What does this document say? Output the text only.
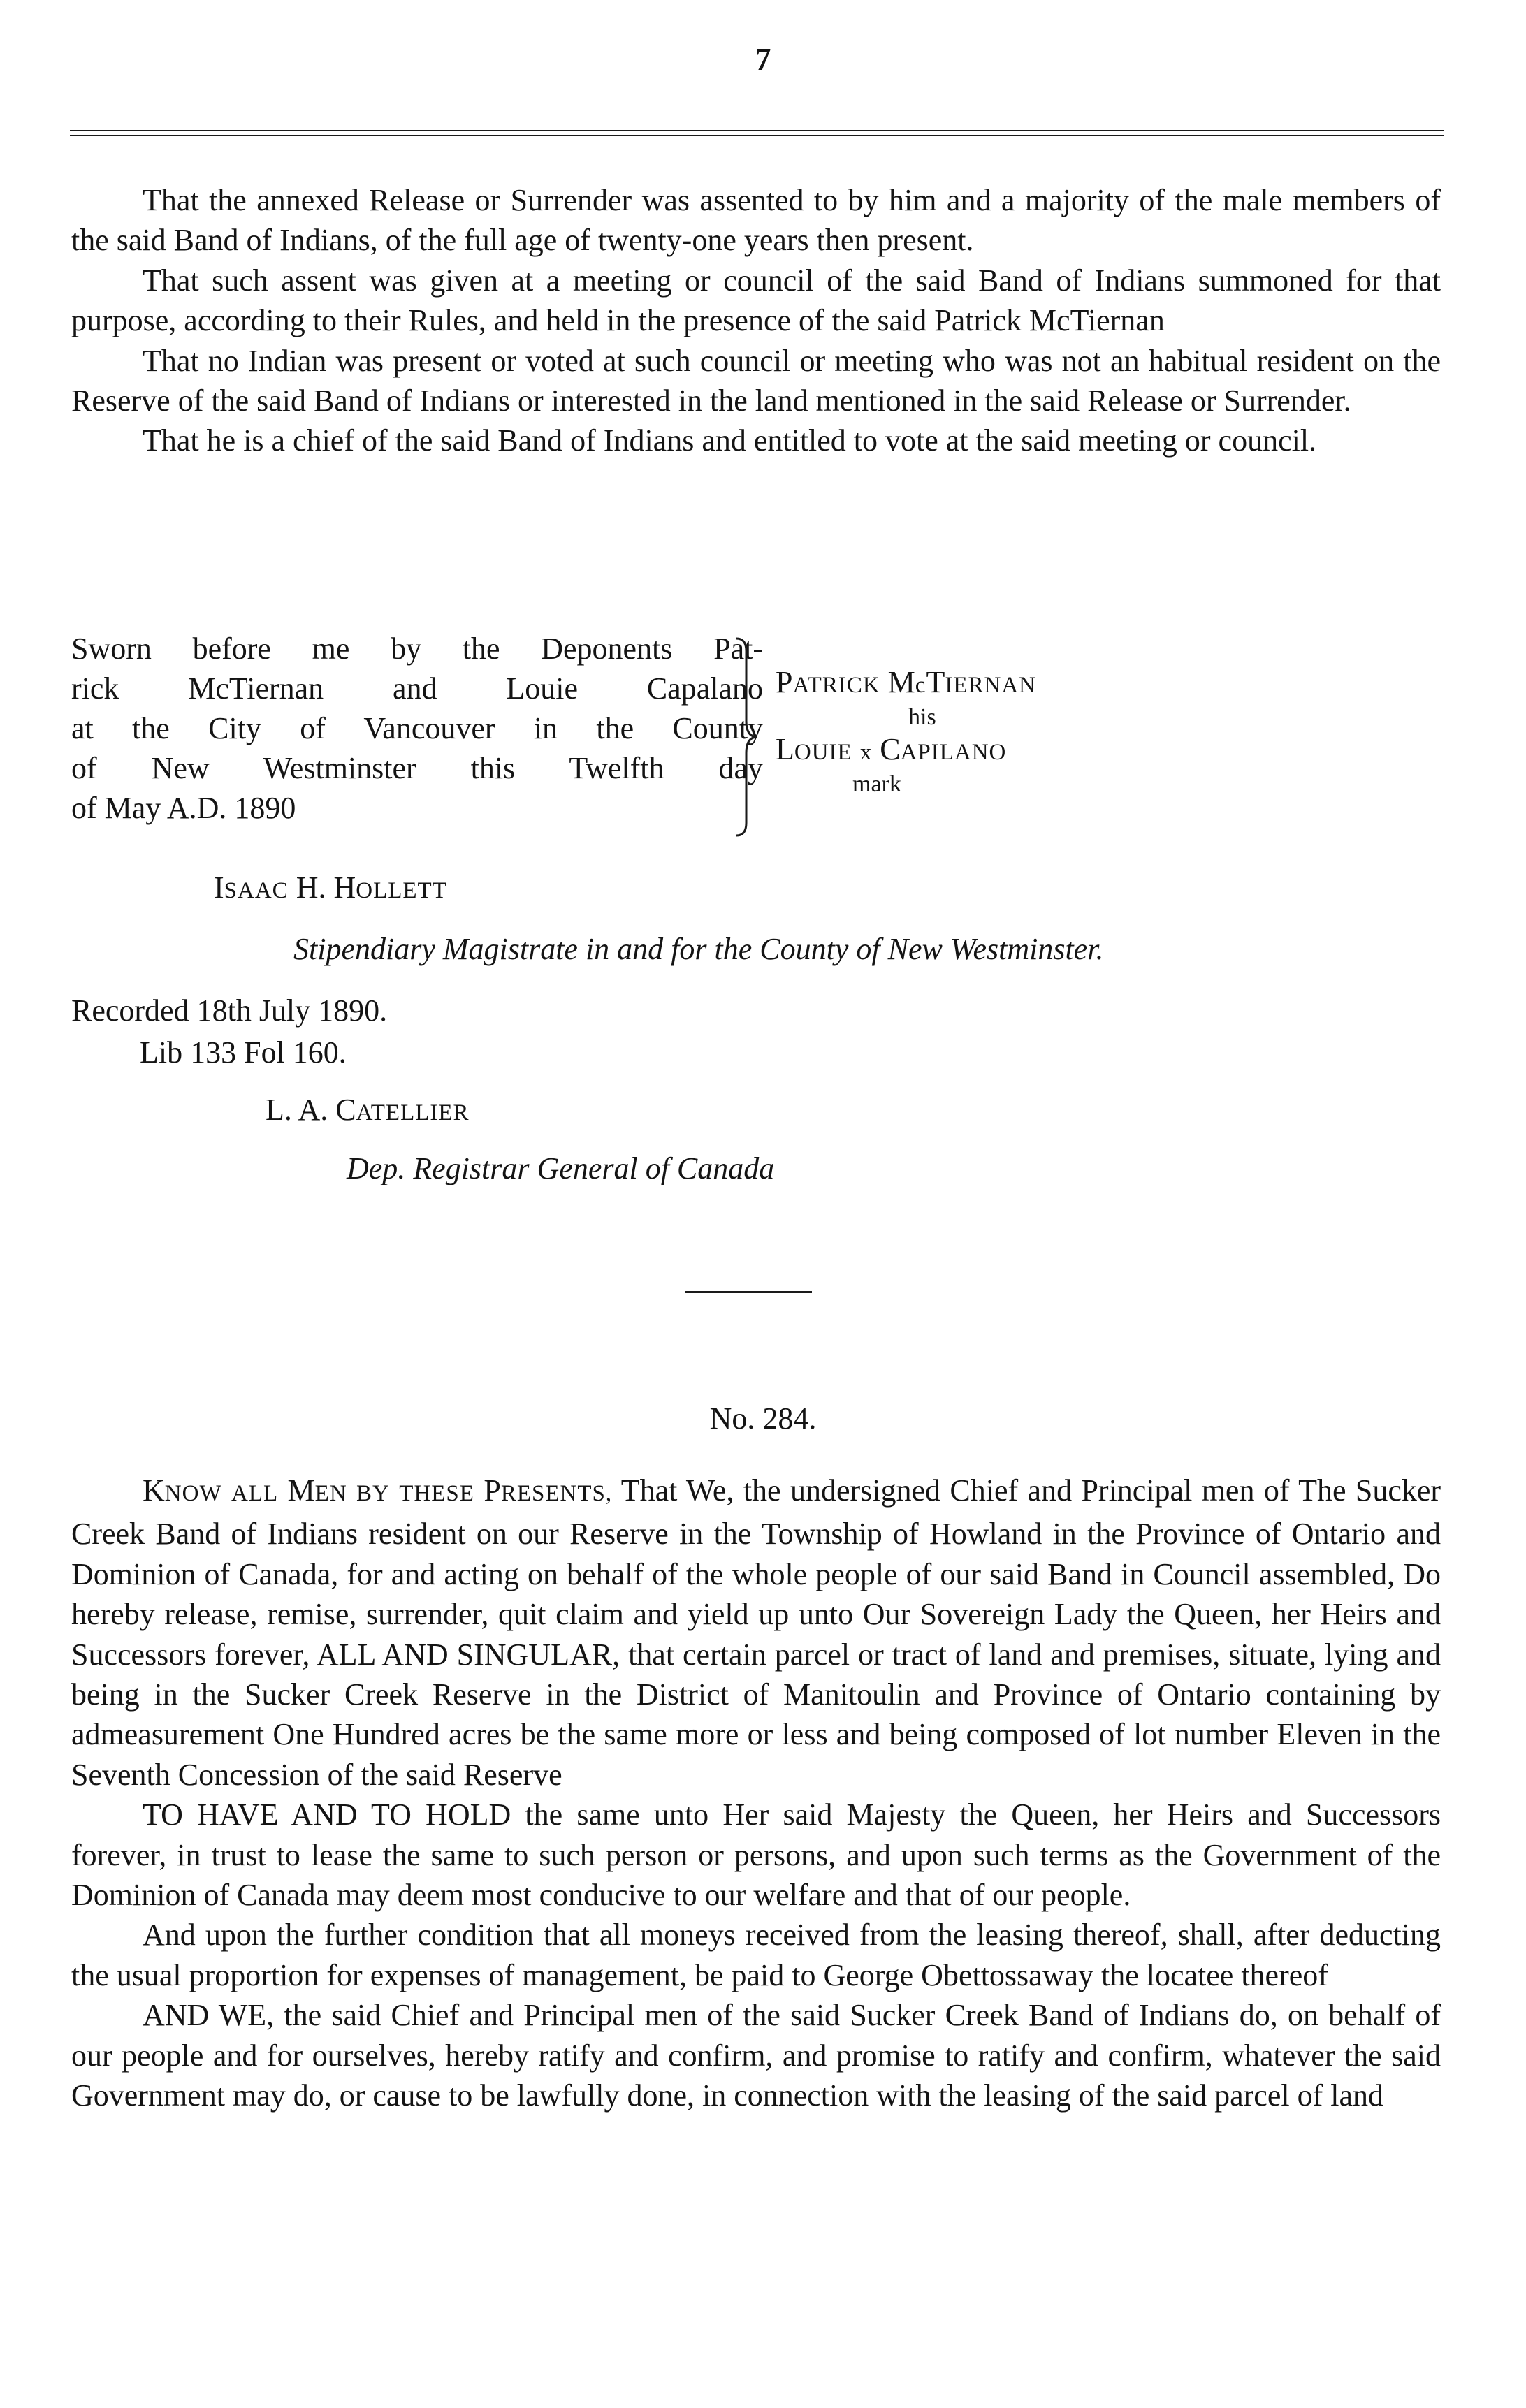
7

That the annexed Release or Surrender was assented to by him and a majority of the male members of the said Band of Indians, of the full age of twenty-one years then present.

That such assent was given at a meeting or council of the said Band of Indians summoned for that purpose, according to their Rules, and held in the presence of the said Patrick McTiernan

That no Indian was present or voted at such council or meeting who was not an habitual resident on the Reserve of the said Band of Indians or interested in the land mentioned in the said Release or Surrender.

That he is a chief of the said Band of Indians and entitled to vote at the said meeting or council.

Sworn before me by the Deponents Pat-
rick McTiernan and Louie Capalano
at the City of Vancouver in the County
of New Westminster this Twelfth day
of May A.D. 1890
PATRICK McTIERNAN
his
LOUIE x CAPILANO
mark
ISAAC H. HOLLETT
Stipendiary Magistrate in and for the County of New Westminster.
Recorded 18th July 1890.
Lib 133 Fol 160.
L. A. CATELLIER
Dep. Registrar General of Canada
No. 284.

KNOW ALL MEN BY THESE PRESENTS, That We, the undersigned Chief and Principal men of The Sucker Creek Band of Indians resident on our Reserve in the Township of Howland in the Province of Ontario and Dominion of Canada, for and acting on behalf of the whole people of our said Band in Council assembled, Do hereby release, remise, surrender, quit claim and yield up unto Our Sovereign Lady the Queen, her Heirs and Successors forever, ALL AND SINGULAR, that certain parcel or tract of land and premises, situate, lying and being in the Sucker Creek Reserve in the District of Manitoulin and Province of Ontario containing by admeasurement One Hundred acres be the same more or less and being composed of lot number Eleven in the Seventh Concession of the said Reserve

TO HAVE AND TO HOLD the same unto Her said Majesty the Queen, her Heirs and Successors forever, in trust to lease the same to such person or persons, and upon such terms as the Government of the Dominion of Canada may deem most conducive to our welfare and that of our people.

And upon the further condition that all moneys received from the leasing thereof, shall, after deducting the usual proportion for expenses of management, be paid to George Obettossaway the locatee thereof

AND WE, the said Chief and Principal men of the said Sucker Creek Band of Indians do, on behalf of our people and for ourselves, hereby ratify and confirm, and promise to ratify and confirm, whatever the said Government may do, or cause to be lawfully done, in connection with the leasing of the said parcel of land
